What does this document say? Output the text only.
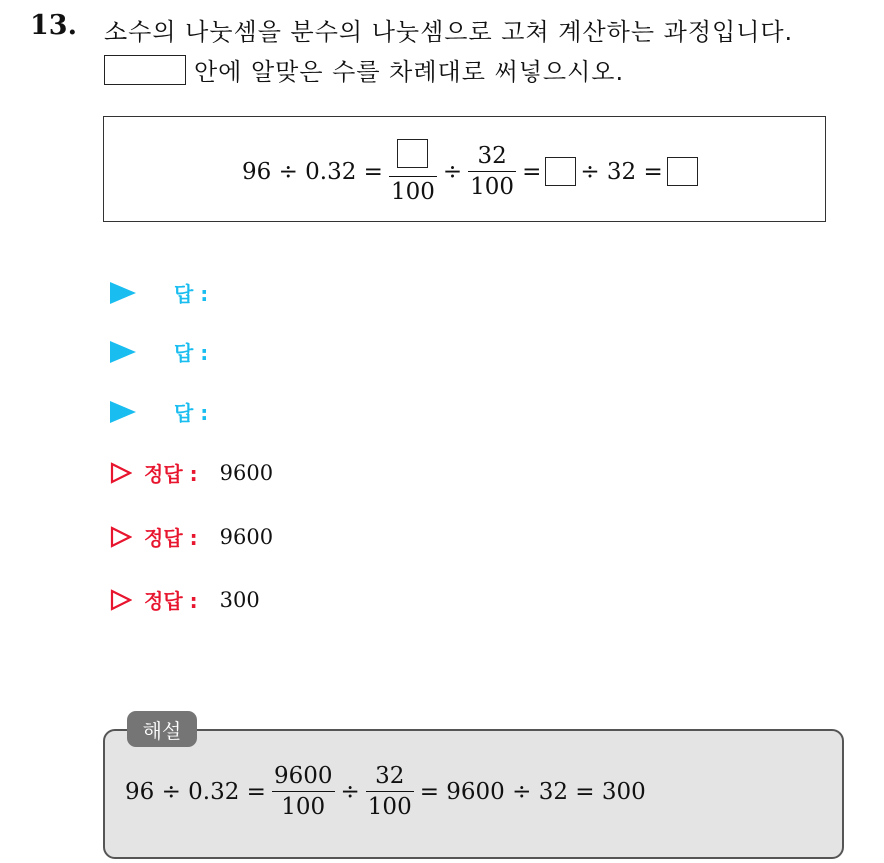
13. 소수의 나눗셈을 분수의 나눗셈으로 고쳐 계산하는 과정입니다.
안에 알맞은 수를 차례대로 써넣으시오.
96 ÷ 0.32 =
100
÷ $\frac{32}{100}$ = ÷ 32 =
답 :
답 :
답 :
정답 : 9600
정답 : 9600
정답 : 300
$96 \div 0.32 = \frac{9600}{100} \div \frac{32}{100} = 9600 \div 32 = 300$
해설
